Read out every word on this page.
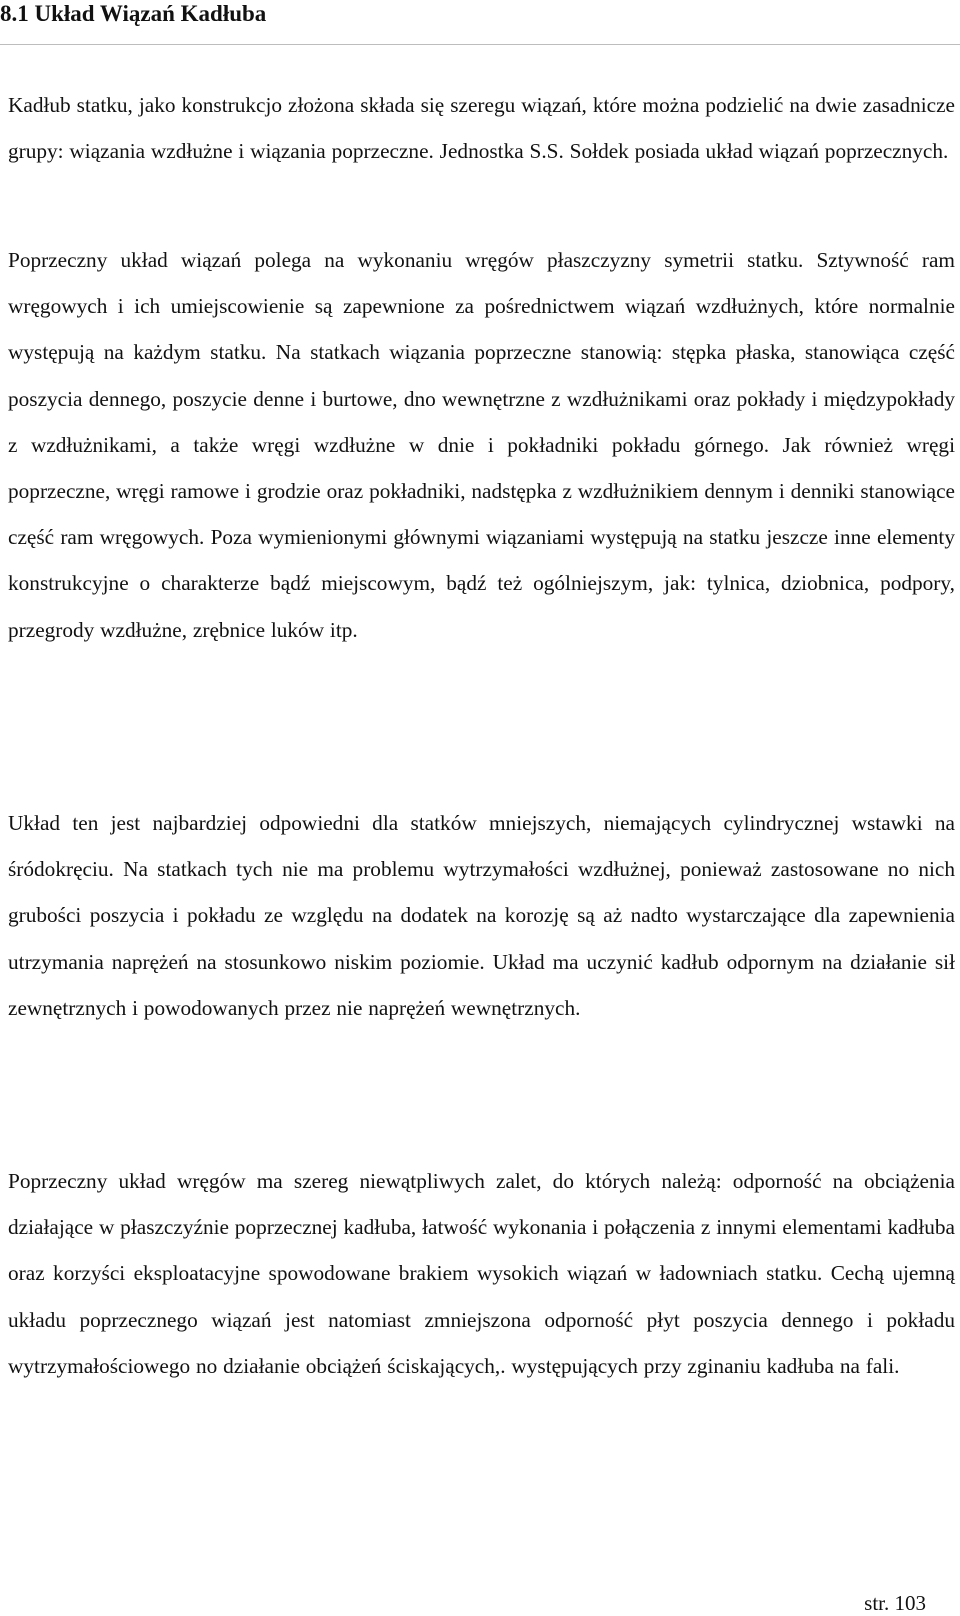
8.1 Układ Wiązań Kadłuba

Kadłub statku, jako konstrukcjo złożona składa się szeregu wiązań, które można podzielić na dwie zasadnicze grupy: wiązania wzdłużne i wiązania poprzeczne. Jednostka S.S. Sołdek posiada układ wiązań poprzecznych.

Poprzeczny układ wiązań polega na wykonaniu wręgów płaszczyzny symetrii statku. Sztywność ram wręgowych i ich umiejscowienie są zapewnione za pośrednictwem wiązań wzdłużnych, które normalnie występują na każdym statku. Na statkach wiązania poprzeczne stanowią: stępka płaska, stanowiąca część poszycia dennego, poszycie denne i burtowe, dno wewnętrzne z wzdłużnikami oraz pokłady i międzypokłady z wzdłużnikami, a także wręgi wzdłużne w dnie i pokładniki pokładu górnego. Jak również wręgi poprzeczne, wręgi ramowe i grodzie oraz pokładniki, nadstępka z wzdłużnikiem dennym i denniki stanowiące część ram wręgowych. Poza wymienionymi głównymi wiązaniami występują na statku jeszcze inne elementy konstrukcyjne o charakterze bądź miejscowym, bądź też ogólniejszym, jak: tylnica, dziobnica, podpory, przegrody wzdłużne, zrębnice luków itp.

Układ ten jest najbardziej odpowiedni dla statków mniejszych, niemających cylindrycznej wstawki na śródokręciu. Na statkach tych nie ma problemu wytrzymałości wzdłużnej, ponieważ zastosowane no nich grubości poszycia i pokładu ze względu na dodatek na korozję są aż nadto wystarczające dla zapewnienia utrzymania naprężeń na stosunkowo niskim poziomie. Układ ma uczynić kadłub odpornym na działanie sił zewnętrznych i powodowanych przez nie naprężeń wewnętrznych.

Poprzeczny układ wręgów ma szereg niewątpliwych zalet, do których należą: odporność na obciążenia działające w płaszczyźnie poprzecznej kadłuba, łatwość wykonania i połączenia z innymi elementami kadłuba oraz korzyści eksploatacyjne spowodowane brakiem wysokich wiązań w ładowniach statku. Cechą ujemną układu poprzecznego wiązań jest natomiast zmniejszona odporność płyt poszycia dennego i pokładu wytrzymałościowego no działanie obciążeń ściskających,. występujących przy zginaniu kadłuba na fali.

str. 103
